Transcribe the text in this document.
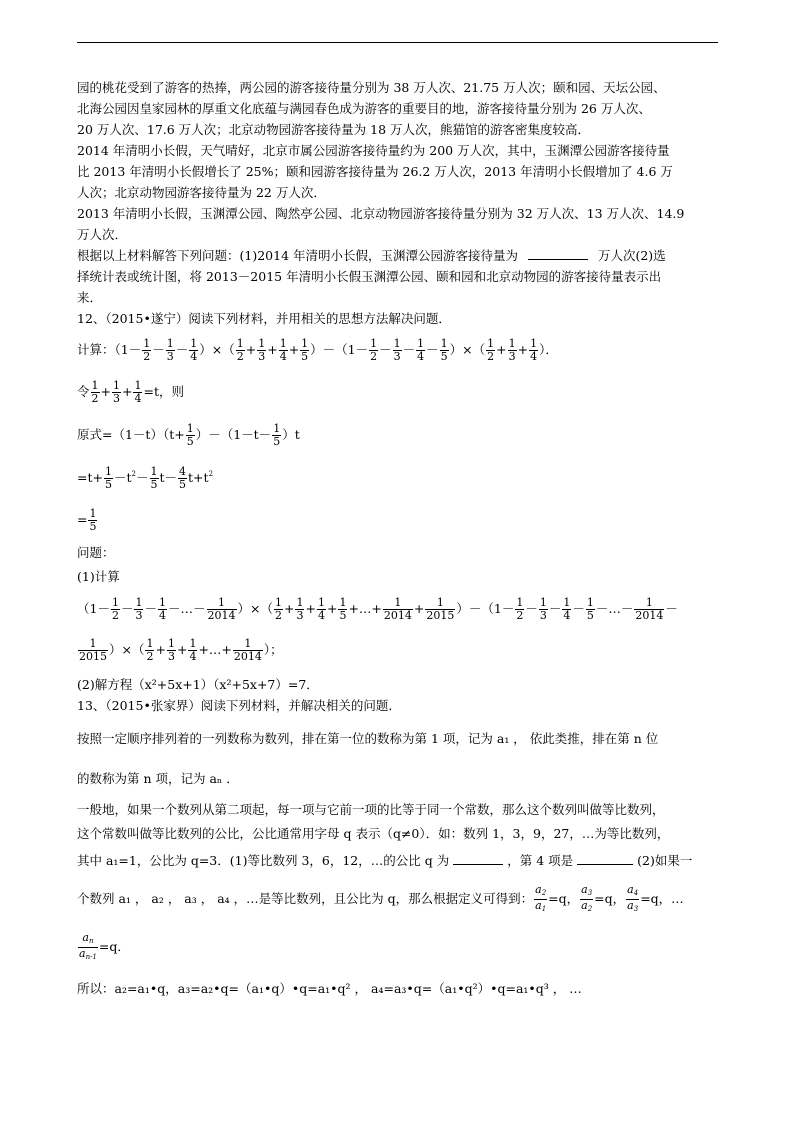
园的桃花受到了游客的热捧，两公园的游客接待量分别为 38 万人次、21.75 万人次；颐和园、天坛公园、
北海公园因皇家园林的厚重文化底蕴与满园春色成为游客的重要目的地，游客接待量分别为 26 万人次、
20 万人次、17.6 万人次；北京动物园游客接待量为 18 万人次，熊猫馆的游客密集度较高．
2014 年清明小长假，天气晴好，北京市属公园游客接待量约为 200 万人次，其中，玉渊潭公园游客接待量
比 2013 年清明小长假增长了 25%；颐和园游客接待量为 26.2 万人次，2013 年清明小长假增加了 4.6 万
人次；北京动物园游客接待量为 22 万人次．
2013 年清明小长假，玉渊潭公园、陶然亭公园、北京动物园游客接待量分别为 32 万人次、13 万人次、14.9
万人次．
根据以上材料解答下列问题：(1)2014 年清明小长假，玉渊潭公园游客接待量为	万人次(2)选
择统计表或统计图，将 2013－2015 年清明小长假玉渊潭公园、颐和园和北京动物园的游客接待量表示出
来．
12、（2015•遂宁）阅读下列材料，并用相关的思想方法解决问题．
计算：（$1- \frac{1}{2} - \frac{1}{3} - \frac{1}{4}$ ）×（ $\frac{1}{2} + \frac{1}{3} + \frac{1}{4} + \frac{1}{5} )-(1- \frac{1}{2} - \frac{1}{3} - \frac{1}{4} - \frac{1}{5}$ ）×（ $\frac{1}{2} + \frac{1}{3} + \frac{1}{4}$ ）．
令 $\frac{1}{2} + \frac{1}{3} + \frac{1}{4} =t$，则
原式$=(1-t)(t+ \frac{1}{5} )-(1-t- \frac{1}{5} )t$
$=t+ \frac{1}{5} -t^2- \frac{1}{5} t- \frac{4}{5} t+t^2$
= $\frac{1}{5}$
问题：
(1)计算
（$1- \frac{1}{2} - \frac{1}{3} - \frac{1}{4}$ －…－ $\frac{1}{2014}$ ）×（ $\frac{1}{2} + \frac{1}{3} + \frac{1}{4} + \frac{1}{5}$ +…+ $\frac{1}{2014} + \frac{1}{2015} )-(1- \frac{1}{2} - \frac{1}{3} - \frac{1}{4} - \frac{1}{5}$ －…－ $\frac{1}{2014}$ －
$\frac{1}{2015}$ ）×（ $\frac{1}{2} + \frac{1}{3} + \frac{1}{4}$ +…+ $\frac{1}{2014}$ ）；
(2)解方程（x²+5x+1）（x²+5x+7）=7．
13、（2015•张家界）阅读下列材料，并解决相关的问题．
按照一定顺序排列着的一列数称为数列，排在第一位的数称为第 1 项，记为 a₁ ， 依此类推，排在第 n 位
的数称为第 n 项，记为 aₙ ．
一般地，如果一个数列从第二项起，每一项与它前一项的比等于同一个常数，那么这个数列叫做等比数列，
这个常数叫做等比数列的公比，公比通常用字母 q 表示（q≠0）．如：数列 1，3，9，27，…为等比数列，
其中 a₁=1，公比为 q=3．(1)等比数列 3，6，12，…的公比 q 为	，第 4 项是	(2)如果一
个数列 a₁ ， a₂ ， a₃ ， a₄ ，…是等比数列，且公比为 q，那么根据定义可得到： $\frac{a_2}{a_1} =q$， $\frac{a_3}{a_2} =q$， $\frac{a_4}{a_3} =q$，…
$\frac{a_n}{a_{n-1}} =q$．
所以：a₂=a₁•q，a₃=a₂•q=（a₁•q）•q=a₁•q² ， a₄=a₃•q=（a₁•q²）•q=a₁•q³ ， …
